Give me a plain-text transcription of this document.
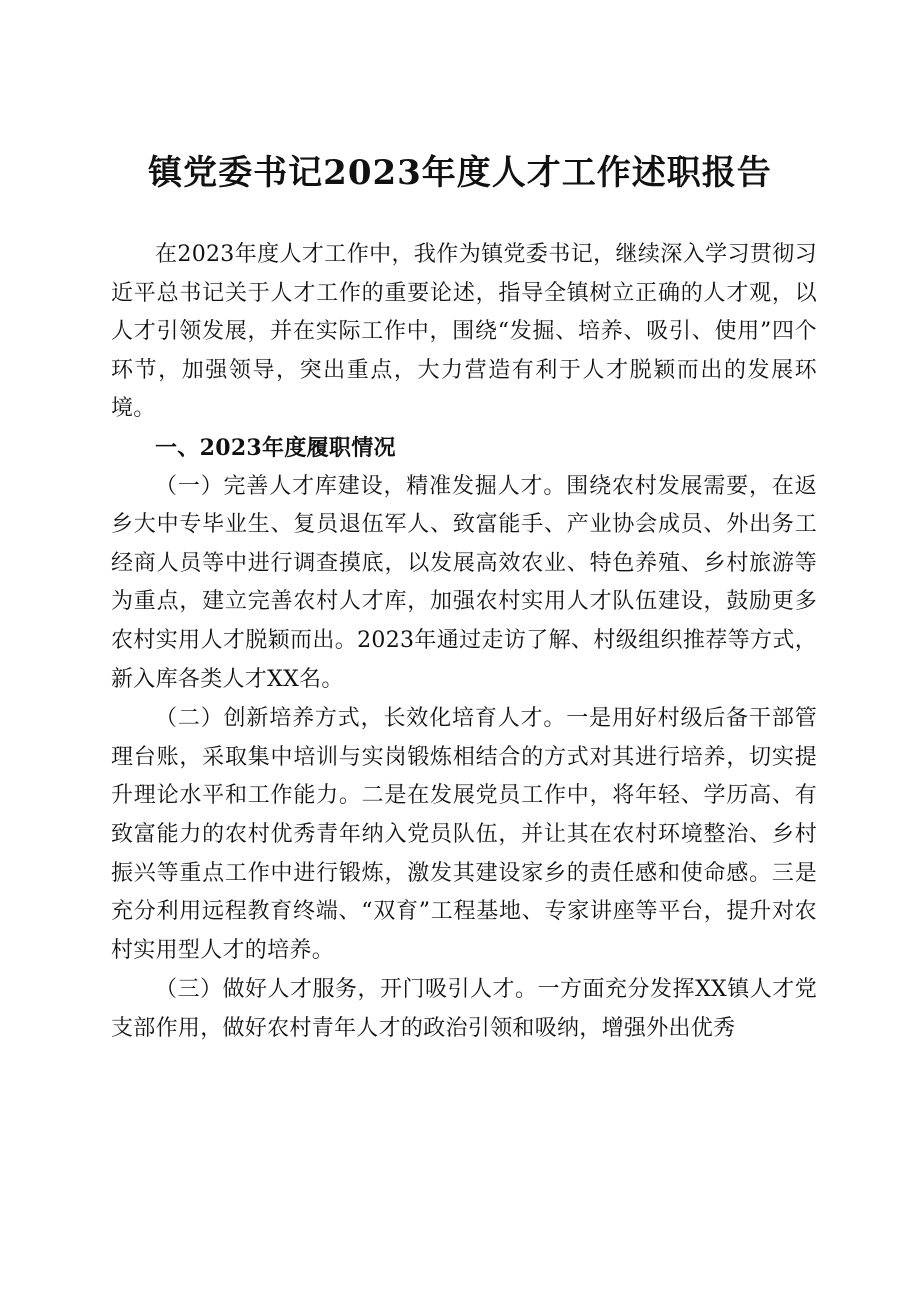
镇党委书记2023年度人才工作述职报告

在2023年度人才工作中，我作为镇党委书记，继续深入学习贯彻习近平总书记关于人才工作的重要论述，指导全镇树立正确的人才观，以人才引领发展，并在实际工作中，围绕“发掘、培养、吸引、使用”四个环节，加强领导，突出重点，大力营造有利于人才脱颖而出的发展环境。

一、2023年度履职情况

（一）完善人才库建设，精准发掘人才。围绕农村发展需要，在返乡大中专毕业生、复员退伍军人、致富能手、产业协会成员、外出务工经商人员等中进行调查摸底，以发展高效农业、特色养殖、乡村旅游等为重点，建立完善农村人才库，加强农村实用人才队伍建设，鼓励更多农村实用人才脱颖而出。2023年通过走访了解、村级组织推荐等方式，新入库各类人才XX名。

（二）创新培养方式，长效化培育人才。一是用好村级后备干部管理台账，采取集中培训与实岗锻炼相结合的方式对其进行培养，切实提升理论水平和工作能力。二是在发展党员工作中，将年轻、学历高、有致富能力的农村优秀青年纳入党员队伍，并让其在农村环境整治、乡村振兴等重点工作中进行锻炼，激发其建设家乡的责任感和使命感。三是充分利用远程教育终端、“双育”工程基地、专家讲座等平台，提升对农村实用型人才的培养。

（三）做好人才服务，开门吸引人才。一方面充分发挥XX镇人才党支部作用，做好农村青年人才的政治引领和吸纳，增强外出优秀
